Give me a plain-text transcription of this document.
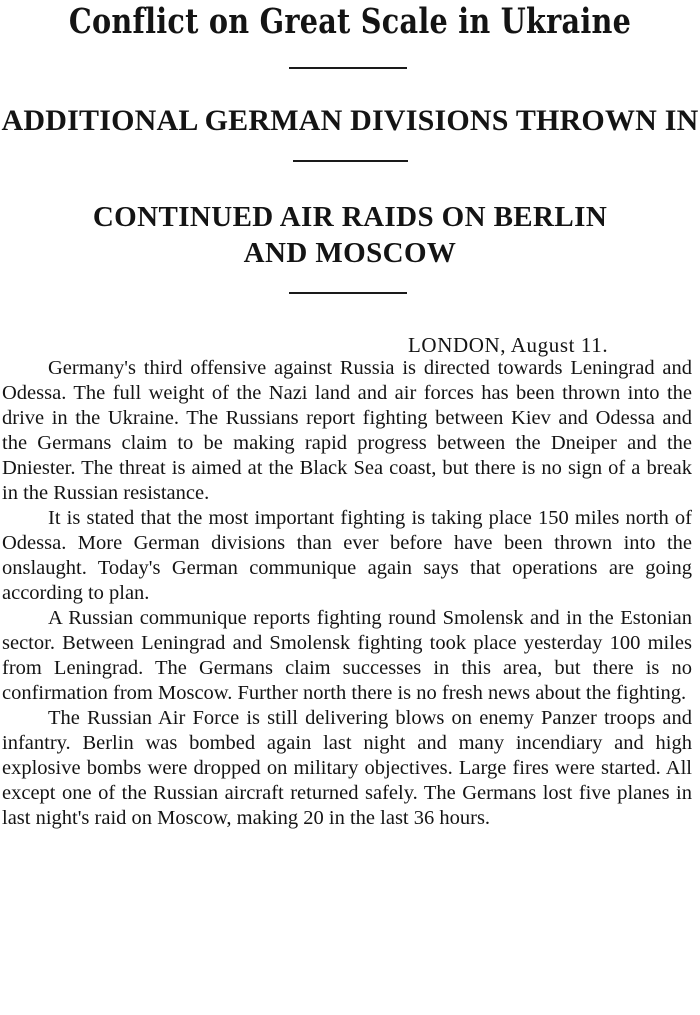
Conflict on Great Scale in Ukraine
ADDITIONAL GERMAN DIVISIONS THROWN IN
CONTINUED AIR RAIDS ON BERLIN
AND MOSCOW
LONDON, August 11.

Germany's third offensive against Russia is directed towards Leningrad and Odessa. The full weight of the Nazi land and air forces has been thrown into the drive in the Ukraine. The Russians report fighting between Kiev and Odessa and the Germans claim to be making rapid progress between the Dneiper and the Dniester. The threat is aimed at the Black Sea coast, but there is no sign of a break in the Russian resistance.

It is stated that the most important fighting is taking place 150 miles north of Odessa. More German divisions than ever before have been thrown into the onslaught. Today's German communique again says that operations are going according to plan.

A Russian communique reports fighting round Smolensk and in the Estonian sector. Between Leningrad and Smolensk fighting took place yesterday 100 miles from Leningrad. The Germans claim successes in this area, but there is no confirmation from Moscow. Further north there is no fresh news about the fighting.

The Russian Air Force is still delivering blows on enemy Panzer troops and infantry. Berlin was bombed again last night and many incendiary and high explosive bombs were dropped on military objectives. Large fires were started. All except one of the Russian aircraft returned safely. The Germans lost five planes in last night's raid on Moscow, making 20 in the last 36 hours.
